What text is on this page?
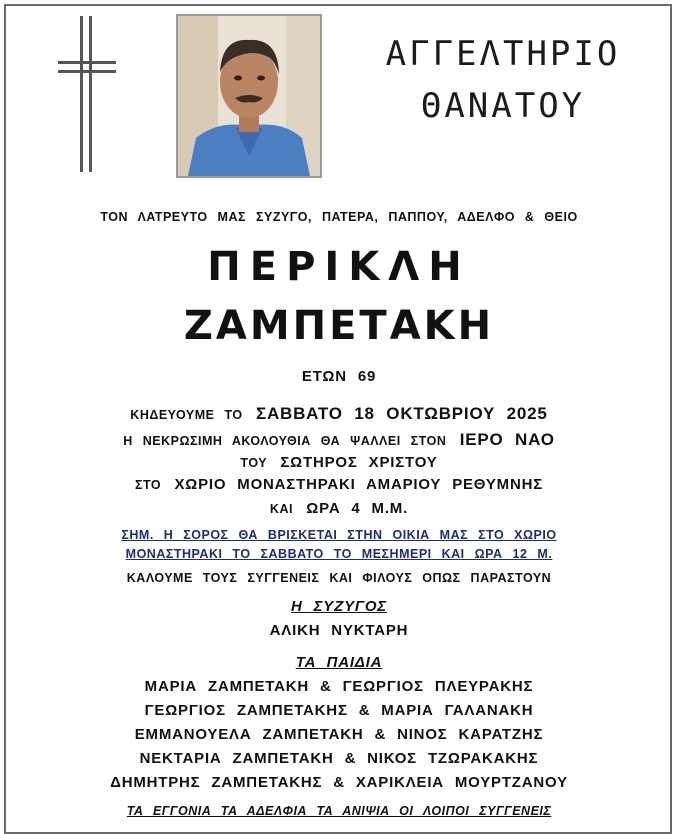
ΑΓΓΕΛΤΗΡΙΟ
ΘΑΝΑΤΟΥ
ΤΟΝ ΛΑΤΡΕΥΤΟ ΜΑΣ ΣΥΖΥΓΟ, ΠΑΤΕΡΑ, ΠΑΠΠΟΥ, ΑΔΕΛΦΟ & ΘΕΙΟ
ΠΕΡΙΚΛΗ
ΖΑΜΠΕΤΑΚΗ
ΕΤΩΝ 69
ΚΗΔΕΥΟΥΜΕ ΤΟ ΣΑΒΒΑΤΟ 18 ΟΚΤΩΒΡΙΟΥ 2025
Η ΝΕΚΡΩΣΙΜΗ ΑΚΟΛΟΥΘΙΑ ΘΑ ΨΑΛΛΕΙ ΣΤΟΝ ΙΕΡΟ ΝΑΟ
ΤΟΥ ΣΩΤΗΡΟΣ ΧΡΙΣΤΟΥ
ΣΤΟ ΧΩΡΙΟ ΜΟΝΑΣΤΗΡΑΚΙ ΑΜΑΡΙΟΥ ΡΕΘΥΜΝΗΣ
ΚΑΙ ΩΡΑ 4 Μ.Μ.
ΣΗΜ. Η ΣΟΡΟΣ ΘΑ ΒΡΙΣΚΕΤΑΙ ΣΤΗΝ ΟΙΚΙΑ ΜΑΣ ΣΤΟ ΧΩΡΙΟ
ΜΟΝΑΣΤΗΡΑΚΙ ΤΟ ΣΑΒΒΑΤΟ ΤΟ ΜΕΣΗΜΕΡΙ ΚΑΙ ΩΡΑ 12 Μ.
ΚΑΛΟΥΜΕ ΤΟΥΣ ΣΥΓΓΕΝΕΙΣ ΚΑΙ ΦΙΛΟΥΣ ΟΠΩΣ ΠΑΡΑΣΤΟΥΝ
Η ΣΥΖΥΓΟΣ
ΑΛΙΚΗ ΝΥΚΤΑΡΗ
ΤΑ ΠΑΙΔΙΑ
ΜΑΡΙΑ ΖΑΜΠΕΤΑΚΗ & ΓΕΩΡΓΙΟΣ ΠΛΕΥΡΑΚΗΣ
ΓΕΩΡΓΙΟΣ ΖΑΜΠΕΤΑΚΗΣ & ΜΑΡΙΑ ΓΑΛΑΝΑΚΗ
ΕΜΜΑΝΟΥΕΛΑ ΖΑΜΠΕΤΑΚΗ & ΝΙΝΟΣ ΚΑΡΑΤΖΗΣ
ΝΕΚΤΑΡΙΑ ΖΑΜΠΕΤΑΚΗ & ΝΙΚΟΣ ΤΖΩΡΑΚΑΚΗΣ
ΔΗΜΗΤΡΗΣ ΖΑΜΠΕΤΑΚΗΣ & ΧΑΡΙΚΛΕΙΑ ΜΟΥΡΤΖΑΝΟΥ
ΤΑ ΕΓΓΟΝΙΑ ΤΑ ΑΔΕΛΦΙΑ ΤΑ ΑΝΙΨΙΑ ΟΙ ΛΟΙΠΟΙ ΣΥΓΓΕΝΕΙΣ
